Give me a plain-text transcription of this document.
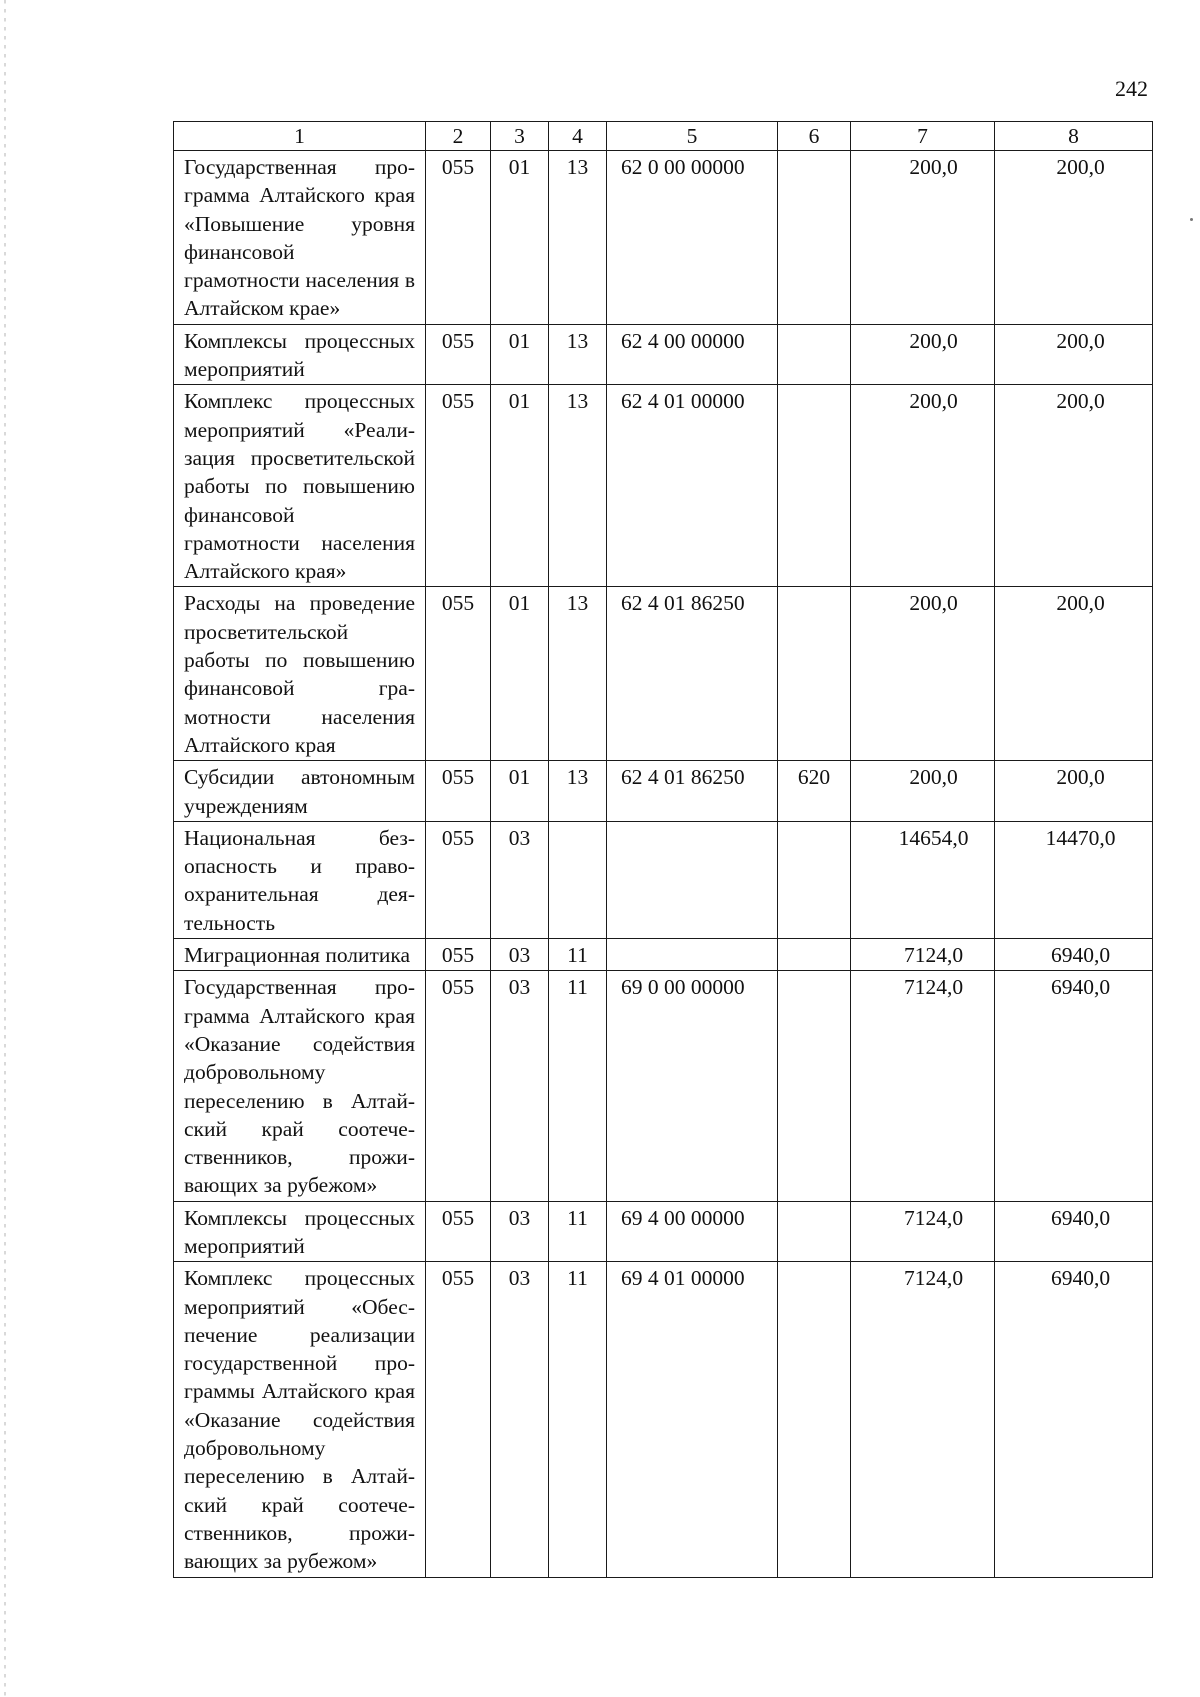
242
1	2	3	4	5	6	7	8
Государственная программа Алтайского края «Повышение уровня финансовой грамотности населения в Алтайском крае»	055	01	13	62 0 00 00000		200,0	200,0
Комплексы процессных мероприятий	055	01	13	62 4 00 00000		200,0	200,0
Комплекс процессных мероприятий «Реализация просветительской работы по повышению финансовой грамотности населения Алтайского края»	055	01	13	62 4 01 00000		200,0	200,0
Расходы на проведение просветительской работы по повышению финансовой грамотности населения Алтайского края	055	01	13	62 4 01 86250		200,0	200,0
Субсидии автономным учреждениям	055	01	13	62 4 01 86250	620	200,0	200,0
Национальная безопасность и правоохранительная деятельность	055	03				14654,0	14470,0
Миграционная политика	055	03	11			7124,0	6940,0
Государственная программа Алтайского края «Оказание содействия добровольному переселению в Алтайский край соотечественников, проживающих за рубежом»	055	03	11	69 0 00 00000		7124,0	6940,0
Комплексы процессных мероприятий	055	03	11	69 4 00 00000		7124,0	6940,0
Комплекс процессных мероприятий «Обеспечение реализации государственной программы Алтайского края «Оказание содействия добровольному переселению в Алтайский край соотечественников, проживающих за рубежом»	055	03	11	69 4 01 00000		7124,0	6940,0
